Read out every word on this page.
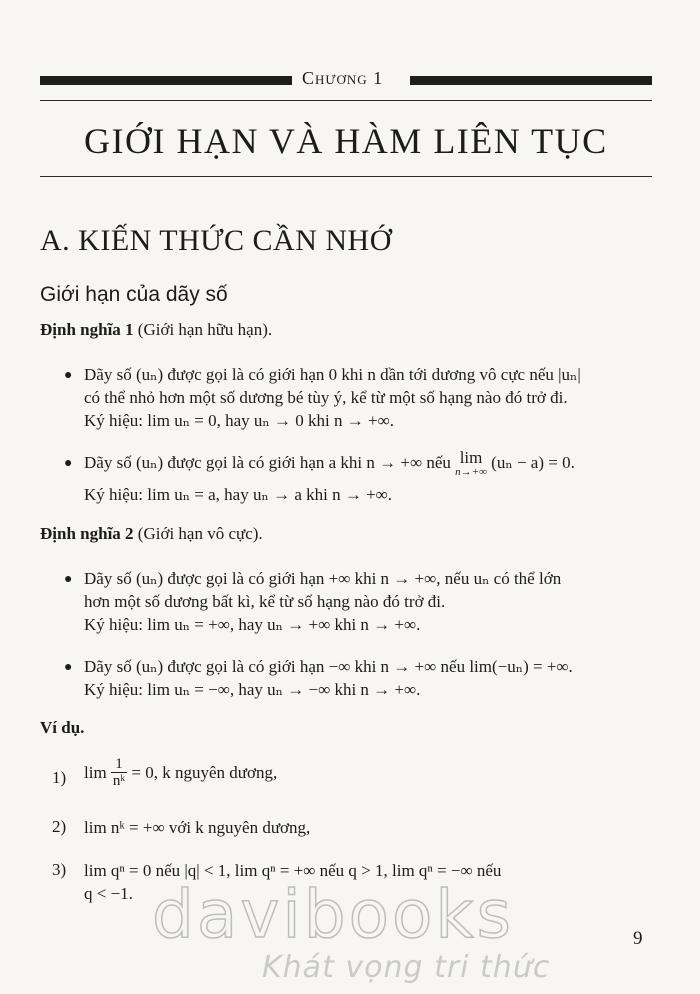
Chương 1
GIỚI HẠN VÀ HÀM LIÊN TỤC
A. KIẾN THỨC CẦN NHỚ
Giới hạn của dãy số
Định nghĩa 1 (Giới hạn hữu hạn).
● Dãy số (uₙ) được gọi là có giới hạn 0 khi n dần tới dương vô cực nếu |uₙ|
có thể nhỏ hơn một số dương bé tùy ý, kể từ một số hạng nào đó trở đi.
Ký hiệu: lim uₙ = 0, hay uₙ → 0 khi n → +∞.
● Dãy số (uₙ) được gọi là có giới hạn a khi n → +∞ nếu lim
n→+∞ (uₙ − a) = 0.
Ký hiệu: lim uₙ = a, hay uₙ → a khi n → +∞.
Định nghĩa 2 (Giới hạn vô cực).
● Dãy số (uₙ) được gọi là có giới hạn +∞ khi n → +∞, nếu uₙ có thể lớn
hơn một số dương bất kì, kể từ số hạng nào đó trở đi.
Ký hiệu: lim uₙ = +∞, hay uₙ → +∞ khi n → +∞.
● Dãy số (uₙ) được gọi là có giới hạn −∞ khi n → +∞ nếu lim(−uₙ) = +∞.
Ký hiệu: lim uₙ = −∞, hay uₙ → −∞ khi n → +∞.
Ví dụ.
1) $\lim \frac{1}{\text{nᵏ}} = 0$, k nguyên dương,
2) lim nᵏ = +∞ với k nguyên dương,
3) lim qⁿ = 0 nếu |q| < 1, lim qⁿ = +∞ nếu q > 1, lim qⁿ = −∞ nếu
q < −1.
9
davibooks
Khát vọng tri thức
